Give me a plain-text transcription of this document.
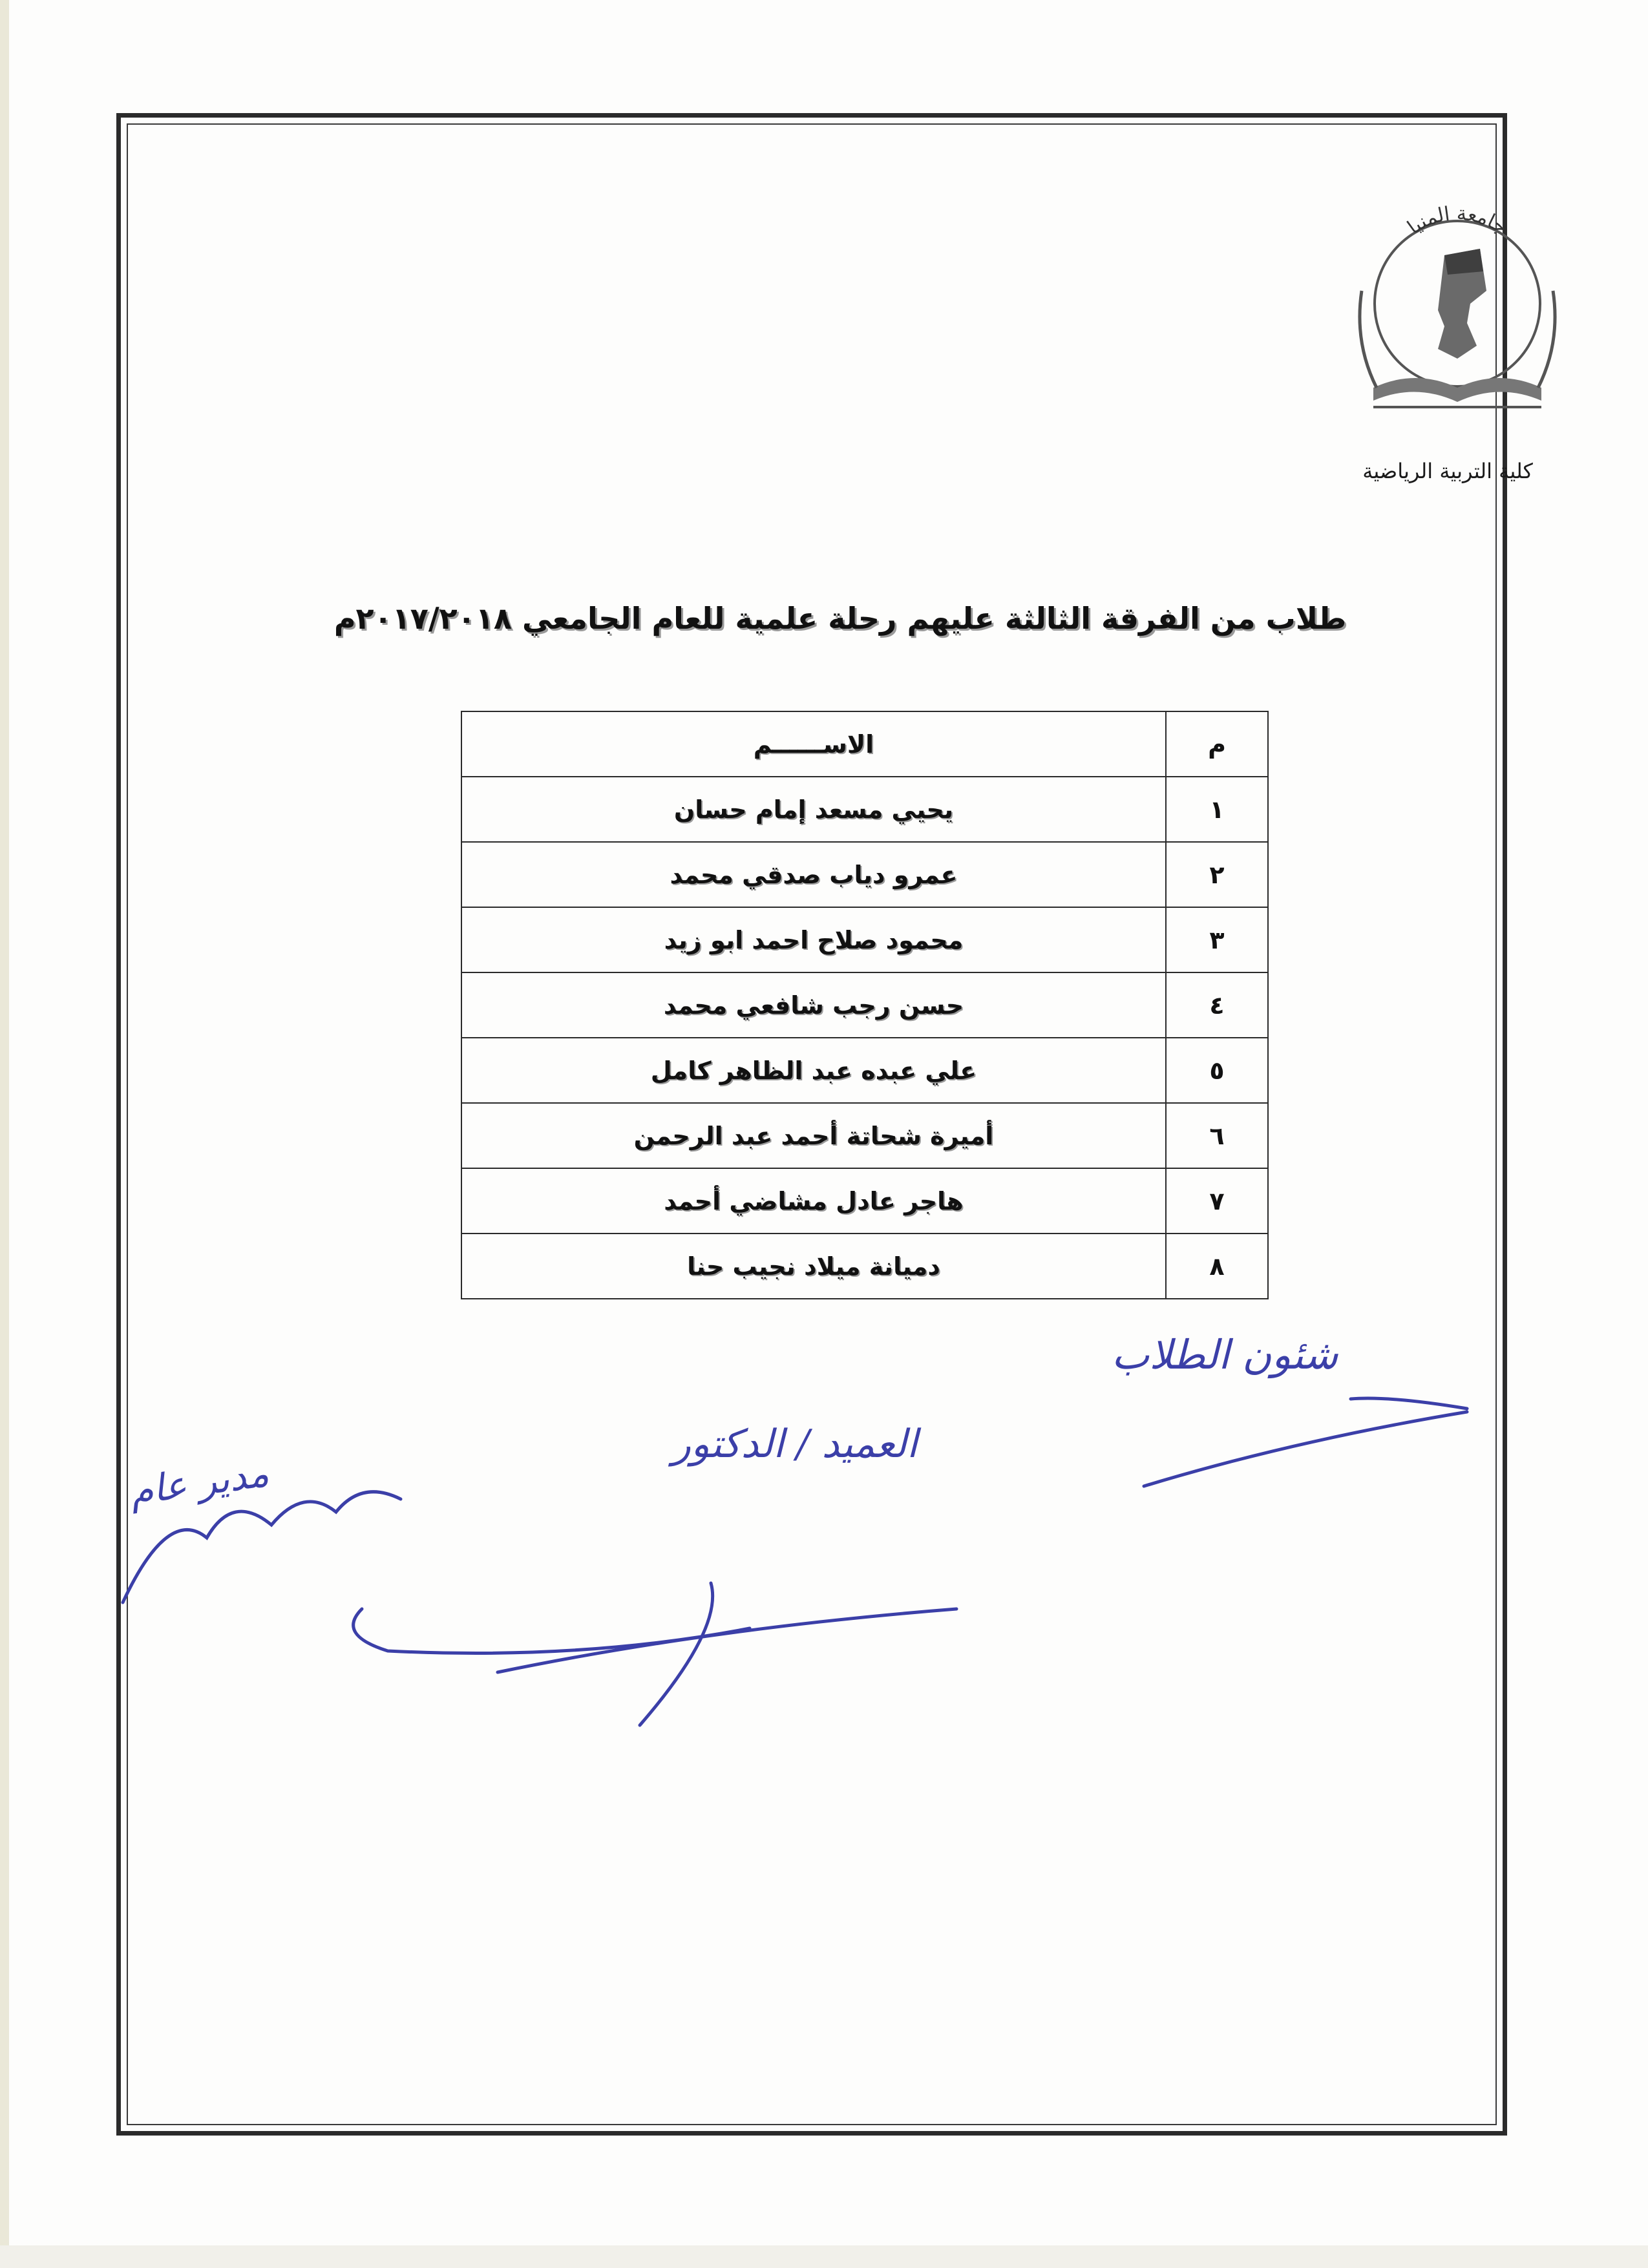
جامعة المنيا
كلية التربية الرياضية
طلاب من الفرقة الثالثة عليهم رحلة علمية للعام الجامعي ٢٠١٧/٢٠١٨م
م	الاســــــم
١	يحيي مسعد إمام حسان
٢	عمرو دياب صدقي محمد
٣	محمود صلاح احمد ابو زيد
٤	حسن رجب شافعي محمد
٥	علي عبده عبد الظاهر كامل
٦	أميرة شحاتة أحمد عبد الرحمن
٧	هاجر عادل مشاضي أحمد
٨	دميانة ميلاد نجيب حنا
شئون الطلاب
العميد / الدكتور
مدير عام
